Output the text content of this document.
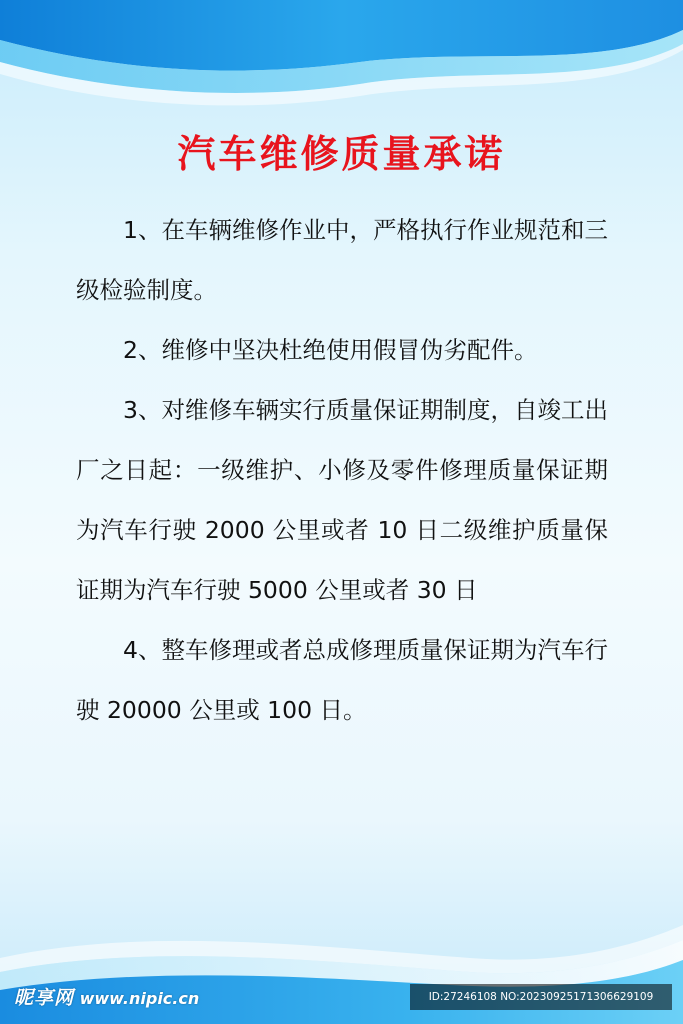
汽车维修质量承诺

1、在车辆维修作业中，严格执行作业规范和三级检验制度。

2、维修中坚决杜绝使用假冒伪劣配件。

3、对维修车辆实行质量保证期制度，自竣工出厂之日起：一级维护、小修及零件修理质量保证期为汽车行驶 2000 公里或者 10 日二级维护质量保证期为汽车行驶 5000 公里或者 30 日

4、整车修理或者总成修理质量保证期为汽车行驶 20000 公里或 100 日。

昵享网 www.nipic.cn	ID:27246108 NO:20230925171306629109
